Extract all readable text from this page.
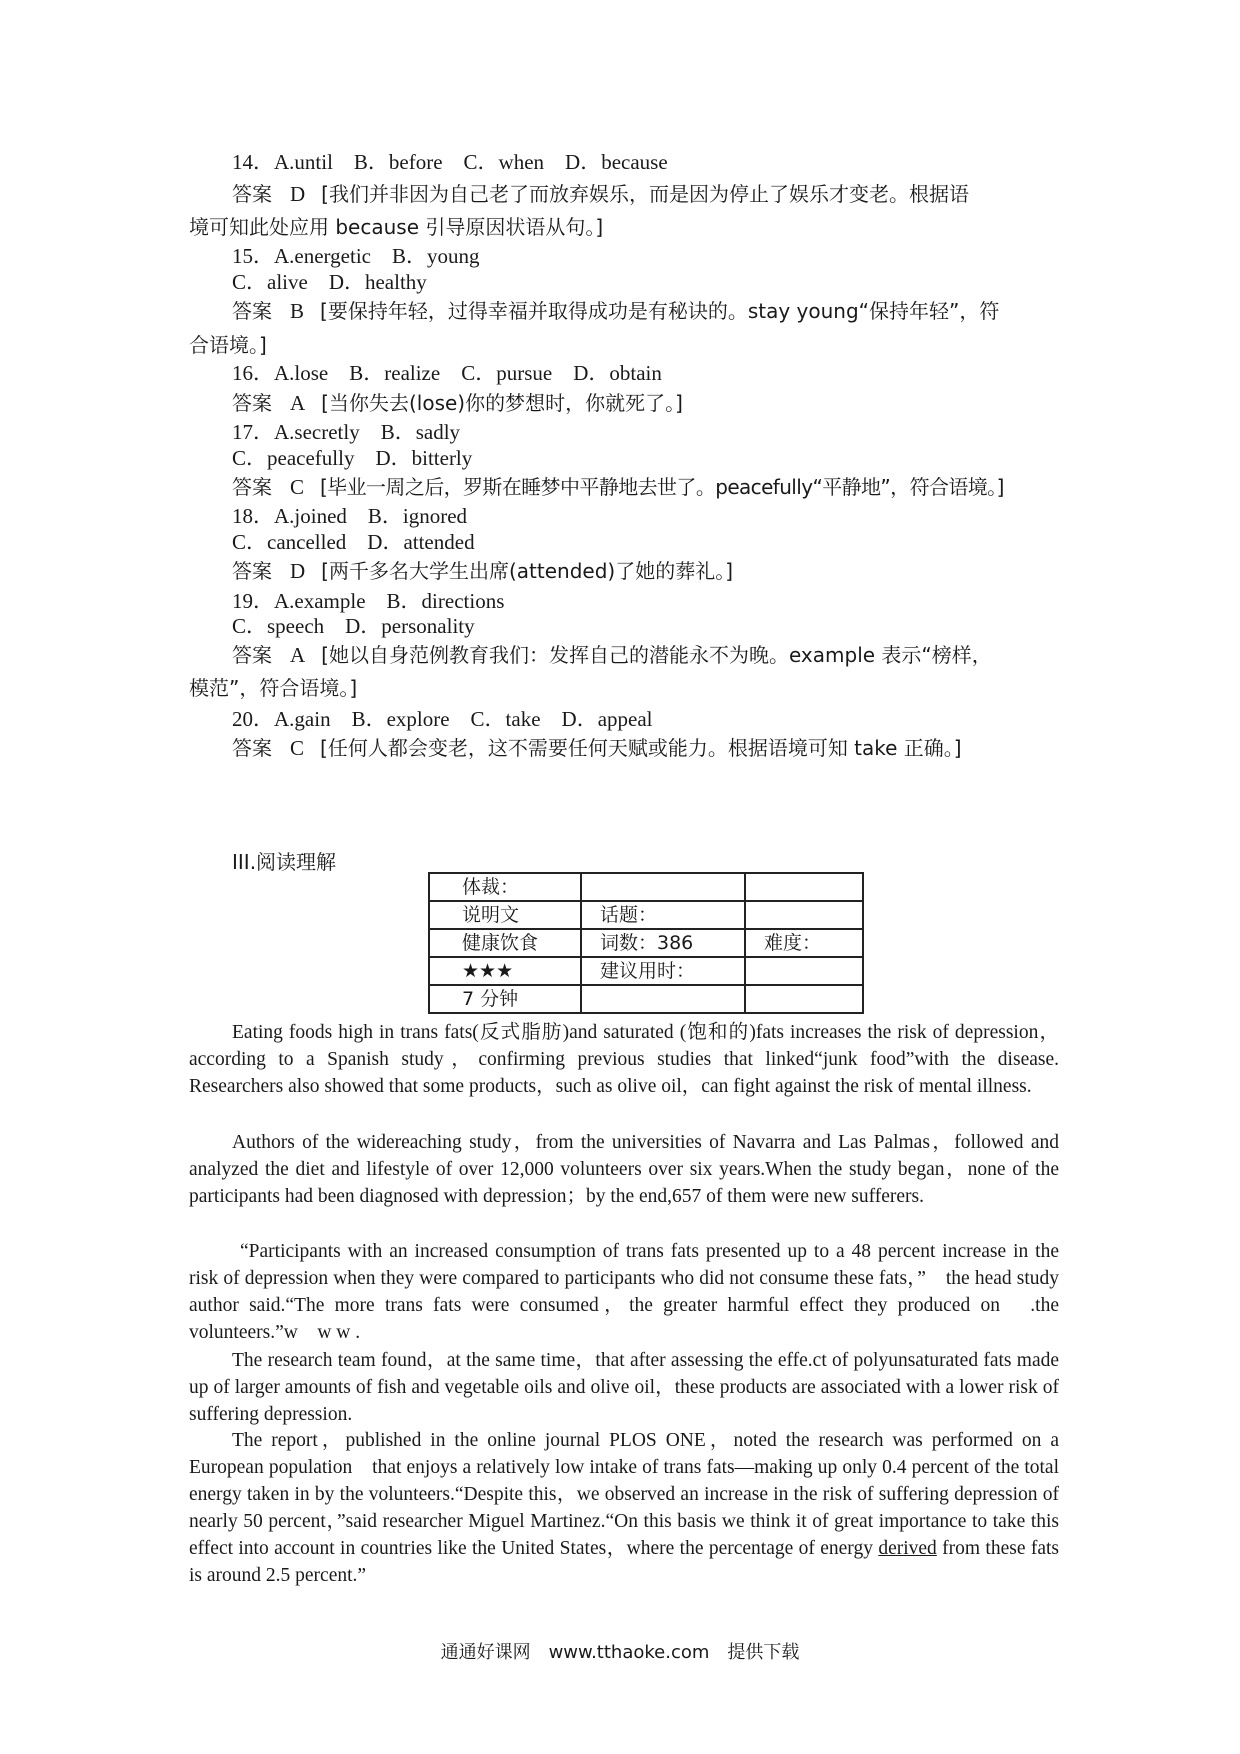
14．A.until　B．before　C．when　D．because
答案 D [我们并非因为自己老了而放弃娱乐，而是因为停止了娱乐才变老。根据语
境可知此处应用 because 引导原因状语从句。]
15．A.energetic　B．young
C．alive　D．healthy
答案 B [要保持年轻，过得幸福并取得成功是有秘诀的。stay young“保持年轻”，符
合语境。]
16．A.lose　B．realize　C．pursue　D．obtain
答案 A [当你失去(lose)你的梦想时，你就死了。]
17．A.secretly　B．sadly
C．peacefully　D．bitterly
答案 C [毕业一周之后，罗斯在睡梦中平静地去世了。peacefully“平静地”，符合语境。]
18．A.joined　B．ignored
C．cancelled　D．attended
答案 D [两千多名大学生出席(attended)了她的葬礼。]
19．A.example　B．directions
C．speech　D．personality
答案 A [她以自身范例教育我们：发挥自己的潜能永不为晚。example 表示“榜样，
模范”，符合语境。]
20．A.gain　B．explore　C．take　D．appeal
答案 C [任何人都会变老，这不需要任何天赋或能力。根据语境可知 take 正确。]
III.阅读理解
体裁：		
说明文	话题：	
健康饮食	词数：386	难度：
★★★	建议用时：	
7 分钟		
Eating foods high in trans fats(反式脂肪)and saturated (饱和的)fats increases the risk of depression，according to a Spanish study，confirming previous studies that linked“junk food”with the disease.　Researchers also showed that some products，such as olive oil，can fight against the risk of mental illness.
Authors of the widereaching study，from the universities of Navarra and Las Palmas，followed and analyzed the diet and lifestyle of over 12,000 volunteers over six years.When the study began，none of the participants had been diagnosed with depression；by the end,657 of them were new sufferers.
“Participants with an increased consumption of trans fats presented up to a 48 percent increase in the risk of depression when they were compared to participants who did not consume these fats，”　the head study author said.“The more trans fats were consumed，the greater harmful effect they produced on　.the volunteers.”w　w w .
The research team found，at the same time，that after assessing the effe.ct of polyunsaturated fats made up of larger amounts of fish and vegetable oils and olive oil，these products are associated with a lower risk of suffering depression.
The report，published in the online journal PLOS ONE，noted the research was performed on a European population　that enjoys a relatively low intake of trans fats—making up only 0.4 percent of the total energy taken in by the volunteers.“Despite this，we observed an increase in the risk of suffering depression of nearly 50 percent，”said researcher Miguel Martinez.“On this basis we think it of great importance to take this effect into account in countries like the United States，where the percentage of energy derived from these fats is around 2.5 percent.”
通通好课网　www.tthaoke.com　提供下载
